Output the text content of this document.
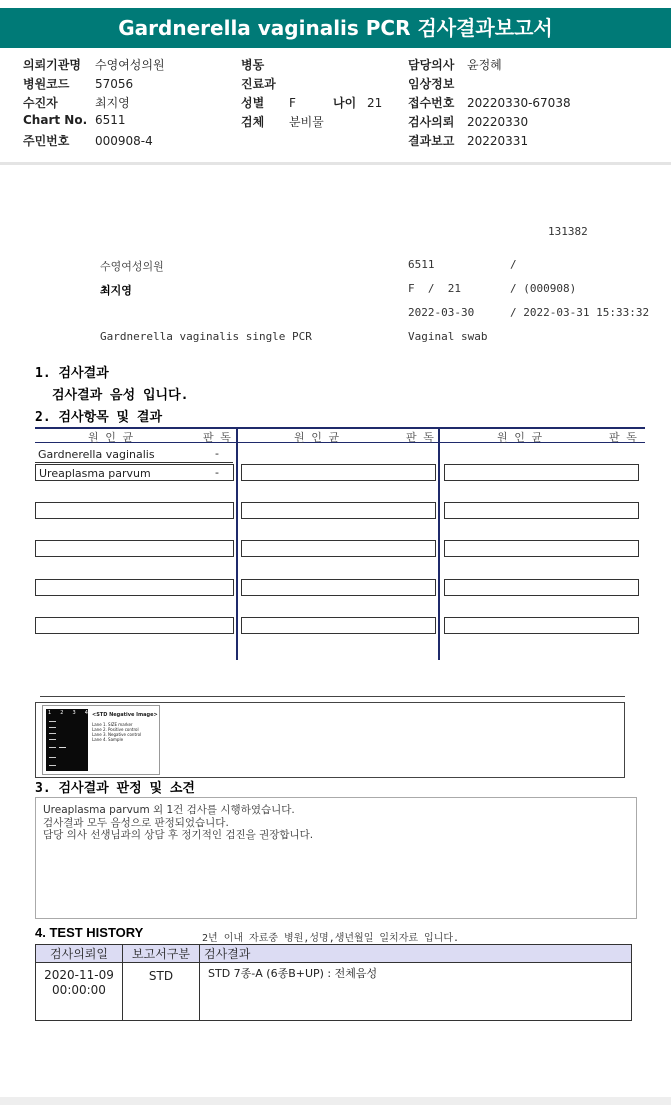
Gardnerella vaginalis PCR 검사결과보고서
의뢰기관명 수영여성의원
병원코드 57056
수진자	최지영
Chart No. 6511
주민번호 000908-4
병동
진료과
성별 F	나이 21
검체 분비물
담당의사 윤정혜
임상정보
접수번호 20220330-67038
검사의뢰 20220330
결과보고 20220331
131382
수영여성의원	6511	/
최지영	F  /  21	/ (000908)
2022-03-30	/ 2022-03-31 15:33:32
Gardnerella vaginalis single PCR	Vaginal swab
1. 검사결과
검사결과 음성 입니다.
2. 검사항목 및 결과
원 인 균	판 독	원 인 균	판 독	원 인 균	판 독
Gardnerella vaginalis	-
Ureaplasma parvum	-
1 2 3 4 <STD Negative Image>
Lane 1. SIZE marker
Lane 2. Positive control
Lane 3. Negative control
Lane 4. Sample
3. 검사결과 판정 및 소견
Ureaplasma parvum 외 1건 검사를 시행하였습니다.
검사결과 모두 음성으로 판정되었습니다.
담당 의사 선생님과의 상담 후 정기적인 검진을 권장합니다.
4. TEST HISTORY	2년 이내 자료중 병원,성명,생년월일 일치자료 입니다.
검사의뢰일	보고서구분	검사결과

2020-11-09
00:00:00	STD	STD 7종-A (6종B+UP) : 전체음성
